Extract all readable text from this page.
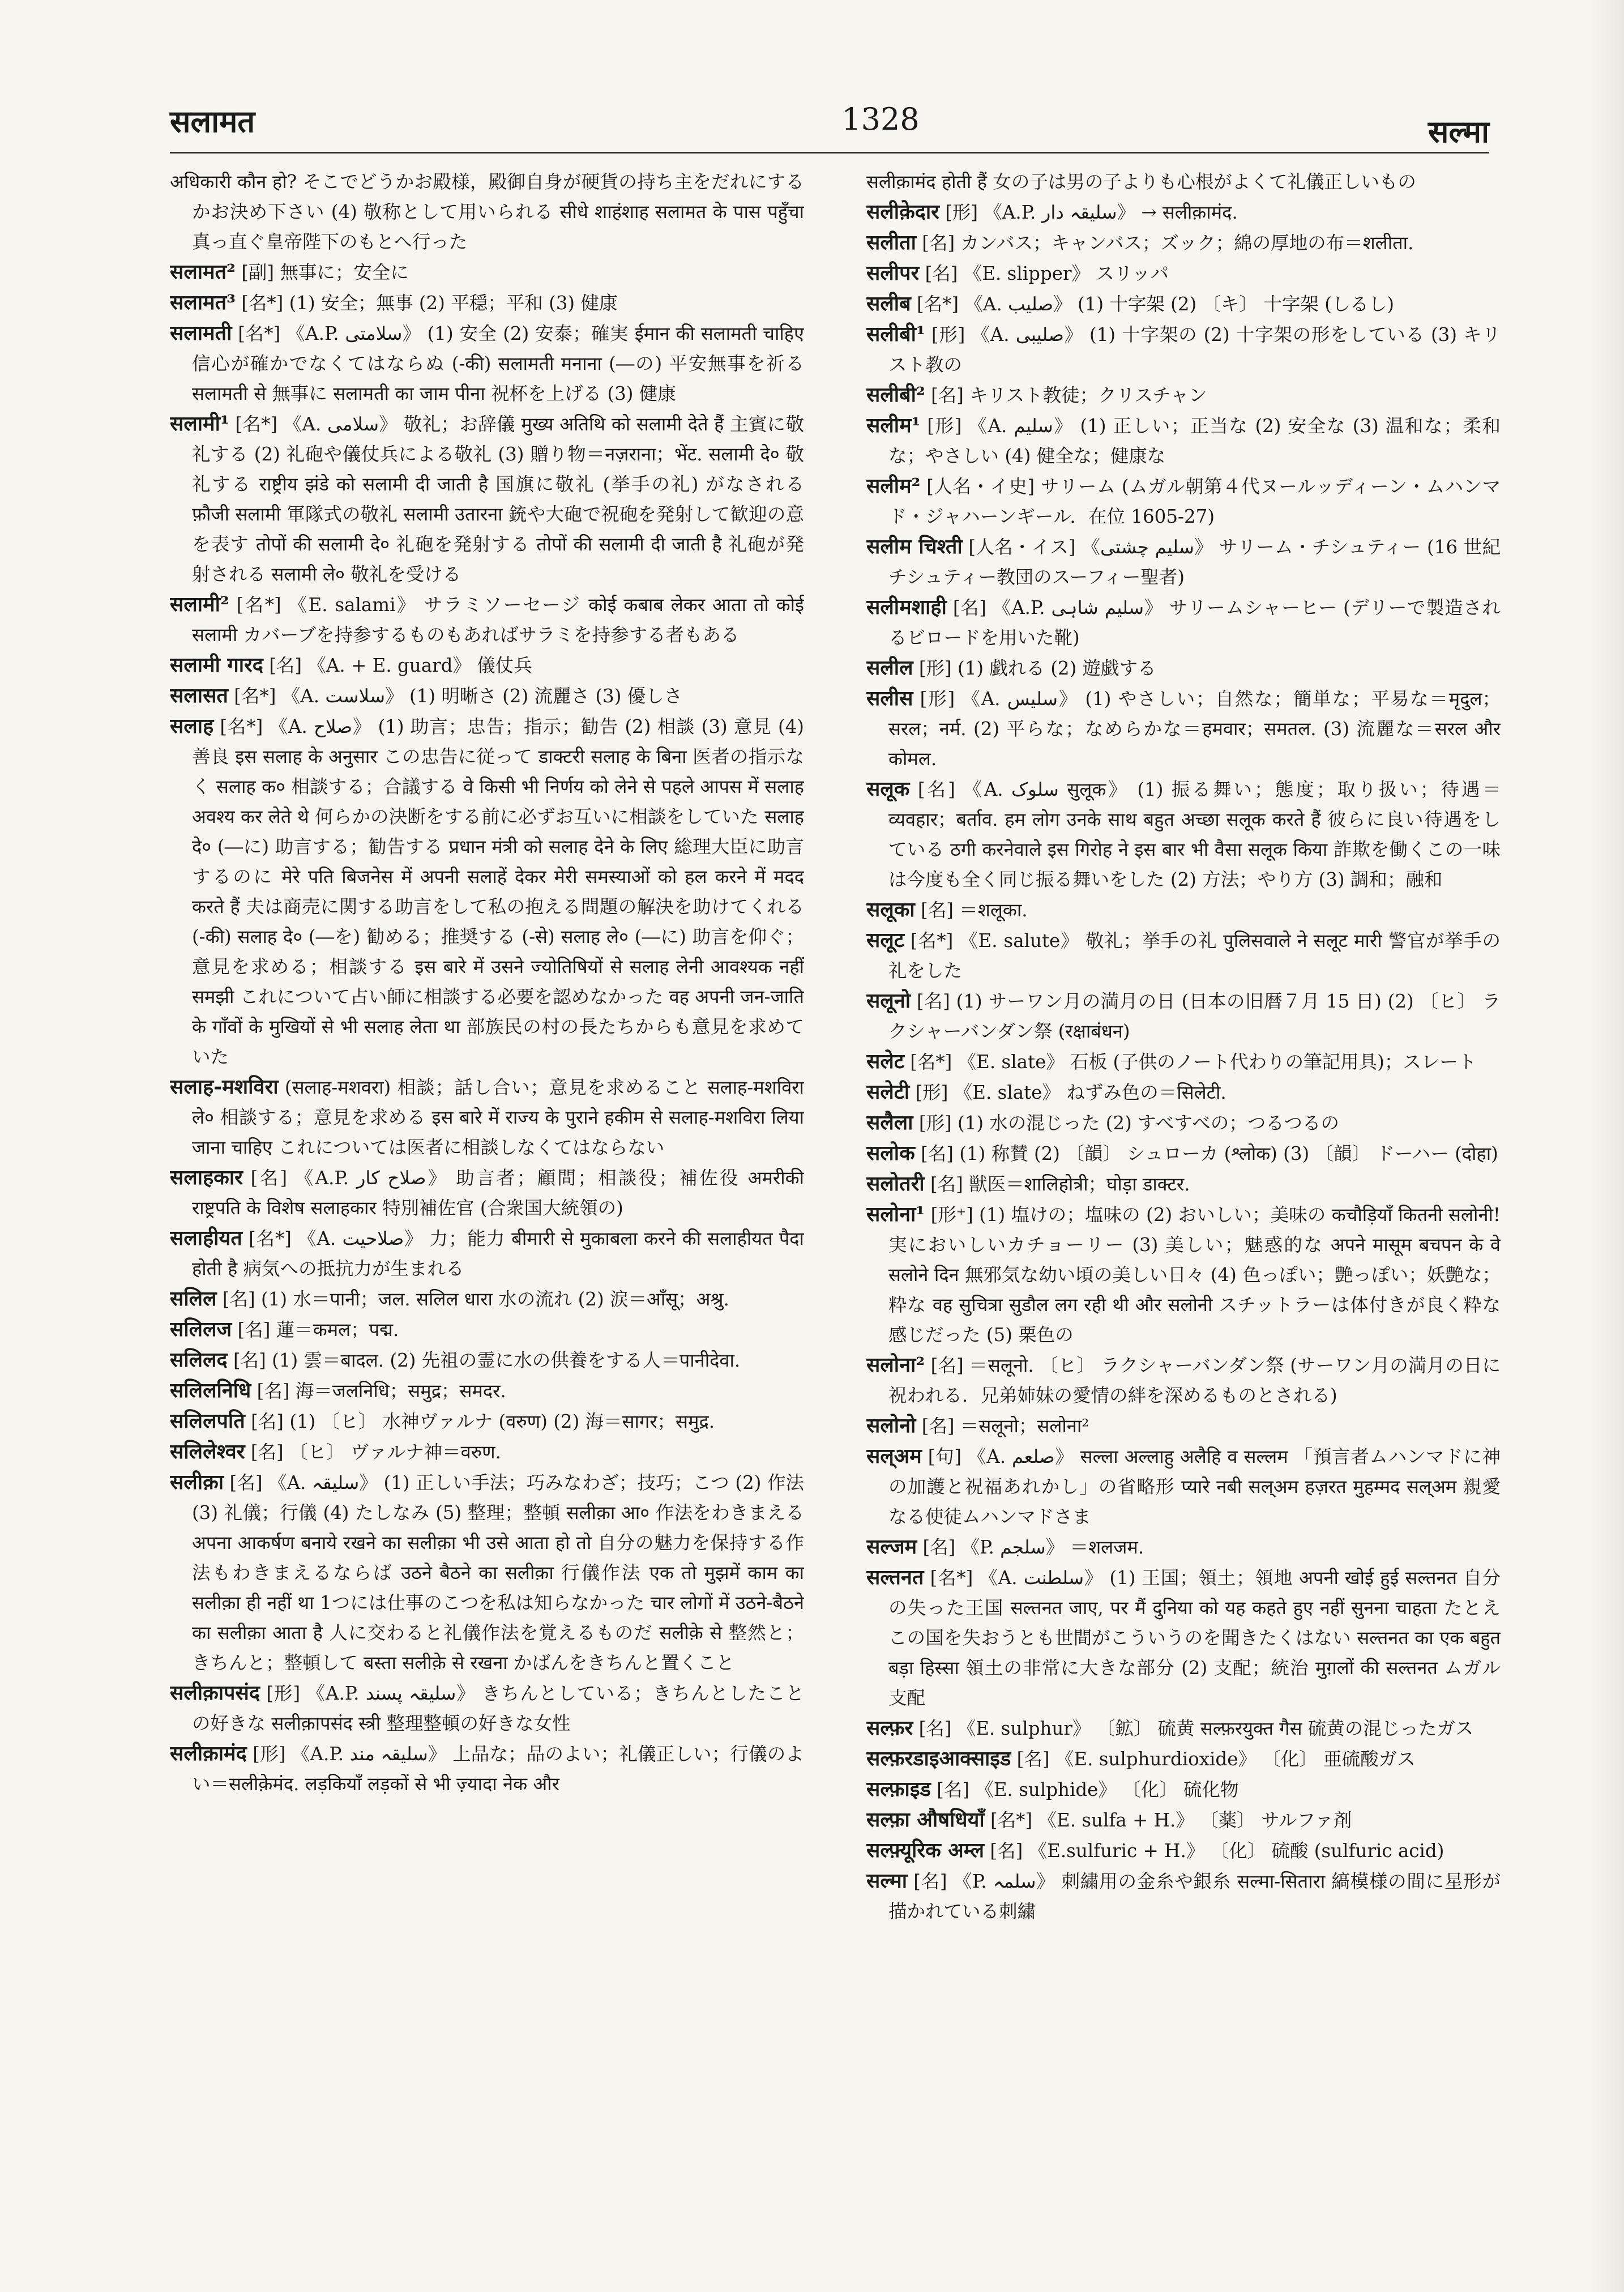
सलामत	1328	सल्मा

अधिकारी कौन हो? そこでどうかお殿様，殿御自身が硬貨の持ち主をだれにするかお決め下さい (4) 敬称として用いられる सीधे शाहंशाह सलामत के पास पहुँचा 真っ直ぐ皇帝陛下のもとへ行った

सलामत² [副] 無事に；安全に

सलामत³ [名*] (1) 安全；無事 (2) 平穏；平和 (3) 健康

सलामती [名*] 《A.P. سلامتی》 (1) 安全 (2) 安泰；確実 ईमान की सलामती चाहिए 信心が確かでなくてはならぬ (-की) सलामती मनाना (―の) 平安無事を祈る सलामती से 無事に सलामती का जाम पीना 祝杯を上げる (3) 健康

सलामी¹ [名*] 《A. سلامی》 敬礼；お辞儀 मुख्य अतिथि को सलामी देते हैं 主賓に敬礼する (2) 礼砲や儀仗兵による敬礼 (3) 贈り物＝नज़राना；भेंट. सलामी दे० 敬礼する राष्ट्रीय झंडे को सलामी दी जाती है 国旗に敬礼 (挙手の礼) がなされる फ़ौजी सलामी 軍隊式の敬礼 सलामी उतारना 銃や大砲で祝砲を発射して歓迎の意を表す तोपों की सलामी दे० 礼砲を発射する तोपों की सलामी दी जाती है 礼砲が発射される सलामी ले० 敬礼を受ける

सलामी² [名*] 《E. salami》 サラミソーセージ कोई कबाब लेकर आता तो कोई सलामी カバーブを持参するものもあればサラミを持参する者もある

सलामी गारद [名] 《A. + E. guard》 儀仗兵

सलासत [名*] 《A. سلاست》 (1) 明晰さ (2) 流麗さ (3) 優しさ

सलाह [名*] 《A. صلاح》 (1) 助言；忠告；指示；勧告 (2) 相談 (3) 意見 (4) 善良 इस सलाह के अनुसार この忠告に従って डाक्टरी सलाह के बिना 医者の指示なく सलाह क० 相談する；合議する वे किसी भी निर्णय को लेने से पहले आपस में सलाह अवश्य कर लेते थे 何らかの決断をする前に必ずお互いに相談をしていた सलाह दे० (―に) 助言する；勧告する प्रधान मंत्री को सलाह देने के लिए 総理大臣に助言するのに मेरे पति बिजनेस में अपनी सलाहें देकर मेरी समस्याओं को हल करने में मदद करते हैं 夫は商売に関する助言をして私の抱える問題の解決を助けてくれる (-की) सलाह दे० (―を) 勧める；推奨する (-से) सलाह ले० (―に) 助言を仰ぐ；意見を求める；相談する इस बारे में उसने ज्योतिषियों से सलाह लेनी आवश्यक नहीं समझी これについて占い師に相談する必要を認めなかった वह अपनी जन-जाति के गाँवों के मुखियों से भी सलाह लेता था 部族民の村の長たちからも意見を求めていた

सलाह-मशविरा (सलाह-मशवरा) 相談；話し合い；意見を求めること सलाह-मशविरा ले० 相談する；意見を求める इस बारे में राज्य के पुराने हकीम से सलाह-मशविरा लिया जाना चाहिए これについては医者に相談しなくてはならない

सलाहकार [名] 《A.P. صلاح کار》 助言者；顧問；相談役；補佐役 अमरीकी राष्ट्रपति के विशेष सलाहकार 特別補佐官 (合衆国大統領の)

सलाहीयत [名*] 《A. صلاحیت》 力；能力 बीमारी से मुकाबला करने की सलाहीयत पैदा होती है 病気への抵抗力が生まれる

सलिल [名] (1) 水＝पानी；जल. सलिल धारा 水の流れ (2) 涙＝आँसू；अश्रु.

सलिलज [名] 蓮＝कमल；पद्म.

सलिलद [名] (1) 雲＝बादल. (2) 先祖の霊に水の供養をする人＝पानीदेवा.

सलिलनिधि [名] 海＝जलनिधि；समुद्र；समदर.

सलिलपति [名] (1) 〔ヒ〕 水神ヴァルナ (वरुण) (2) 海＝सागर；समुद्र.

सलिलेश्वर [名] 〔ヒ〕 ヴァルナ神＝वरुण.

सलीक़ा [名] 《A. سلیقہ》 (1) 正しい手法；巧みなわざ；技巧；こつ (2) 作法 (3) 礼儀；行儀 (4) たしなみ (5) 整理；整頓 सलीक़ा आ० 作法をわきまえる अपना आकर्षण बनाये रखने का सलीक़ा भी उसे आता हो तो 自分の魅力を保持する作法もわきまえるならば उठने बैठने का सलीक़ा 行儀作法 एक तो मुझमें काम का सलीक़ा ही नहीं था 1つには仕事のこつを私は知らなかった चार लोगों में उठने-बैठने का सलीक़ा आता है 人に交わると礼儀作法を覚えるものだ सलीक़े से 整然と；きちんと；整頓して बस्ता सलीक़े से रखना かばんをきちんと置くこと

सलीक़ापसंद [形] 《A.P. سلیقہ پسند》 きちんとしている；きちんとしたことの好きな सलीक़ापसंद स्त्री 整理整頓の好きな女性

सलीक़ामंद [形] 《A.P. سلیقہ مند》 上品な；品のよい；礼儀正しい；行儀のよい＝सलीक़ेमंद. लड़कियाँ लड़कों से भी ज़्यादा नेक और

सलीक़ामंद होती हैं 女の子は男の子よりも心根がよくて礼儀正しいもの

सलीक़ेदार [形] 《A.P. سلیقہ دار》 → सलीक़ामंद.

सलीता [名] カンバス；キャンバス；ズック；綿の厚地の布＝शलीता.

सलीपर [名] 《E. slipper》 スリッパ

सलीब [名*] 《A. صلیب》 (1) 十字架 (2) 〔キ〕 十字架 (しるし)

सलीबी¹ [形] 《A. صلیبی》 (1) 十字架の (2) 十字架の形をしている (3) キリスト教の

सलीबी² [名] キリスト教徒；クリスチャン

सलीम¹ [形] 《A. سلیم》 (1) 正しい；正当な (2) 安全な (3) 温和な；柔和な；やさしい (4) 健全な；健康な

सलीम² [人名・イ史] サリーム (ムガル朝第４代ヌールッディーン・ムハンマド・ジャハーンギール．在位 1605-27)

सलीम चिश्ती [人名・イス] 《سلیم چشتی》 サリーム・チシュティー (16 世紀チシュティー教団のスーフィー聖者)

सलीमशाही [名] 《A.P. سلیم شاہی》 サリームシャーヒー (デリーで製造されるビロードを用いた靴)

सलील [形] (1) 戯れる (2) 遊戯する

सलीस [形] 《A. سلیس》 (1) やさしい；自然な；簡単な；平易な＝मृदुल；सरल；नर्म. (2) 平らな；なめらかな＝हमवार；समतल. (3) 流麗な＝सरल और कोमल.

सलूक [名] 《A. سلوک सुलूक》 (1) 振る舞い；態度；取り扱い；待遇＝व्यवहार；बर्ताव. हम लोग उनके साथ बहुत अच्छा सलूक करते हैं 彼らに良い待遇をしている ठगी करनेवाले इस गिरोह ने इस बार भी वैसा सलूक किया 詐欺を働くこの一味は今度も全く同じ振る舞いをした (2) 方法；やり方 (3) 調和；融和

सलूका [名] ＝शलूका.

सलूट [名*] 《E. salute》 敬礼；挙手の礼 पुलिसवाले ने सलूट मारी 警官が挙手の礼をした

सलूनो [名] (1) サーワン月の満月の日 (日本の旧暦７月 15 日) (2) 〔ヒ〕 ラクシャーバンダン祭 (रक्षाबंधन)

सलेट [名*] 《E. slate》 石板 (子供のノート代わりの筆記用具)；スレート

सलेटी [形] 《E. slate》 ねずみ色の＝सिलेटी.

सलैला [形] (1) 水の混じった (2) すべすべの；つるつるの

सलोक [名] (1) 称賛 (2) 〔韻〕 シュローカ (श्लोक) (3) 〔韻〕 ドーハー (दोहा)

सलोतरी [名] 獣医＝शालिहोत्री；घोड़ा डाक्टर.

सलोना¹ [形⁺] (1) 塩けの；塩味の (2) おいしい；美味の कचौड़ियाँ कितनी सलोनी! 実においしいカチョーリー (3) 美しい；魅惑的な अपने मासूम बचपन के वे सलोने दिन 無邪気な幼い頃の美しい日々 (4) 色っぽい；艶っぽい；妖艶な；粋な वह सुचित्रा सुडौल लग रही थी और सलोनी スチットラーは体付きが良く粋な感じだった (5) 栗色の

सलोना² [名] ＝सलूनो. 〔ヒ〕 ラクシャーバンダン祭 (サーワン月の満月の日に祝われる．兄弟姉妹の愛情の絆を深めるものとされる)

सलोनो [名] ＝सलूनो；सलोना²

सल्अम [句] 《A. صلعم》 सल्ला अल्लाहु अलैहि व सल्लम 「預言者ムハンマドに神の加護と祝福あれかし」の省略形 प्यारे नबी सल्अम हज़रत मुहम्मद सल्अम 親愛なる使徒ムハンマドさま

सल्जम [名] 《P. سلجم》 ＝शलजम.

सल्तनत [名*] 《A. سلطنت》 (1) 王国；領土；領地 अपनी खोई हुई सल्तनत 自分の失った王国 सल्तनत जाए, पर मैं दुनिया को यह कहते हुए नहीं सुनना चाहता たとえこの国を失おうとも世間がこういうのを聞きたくはない सल्तनत का एक बहुत बड़ा हिस्सा 領土の非常に大きな部分 (2) 支配；統治 मुग़लों की सल्तनत ムガル支配

सल्फ़र [名] 《E. sulphur》 〔鉱〕 硫黄 सल्फ़रयुक्त गैस 硫黄の混じったガス

सल्फ़रडाइआक्साइड [名] 《E. sulphurdioxide》 〔化〕 亜硫酸ガス

सल्फ़ाइड [名] 《E. sulphide》 〔化〕 硫化物

सल्फ़ा औषधियाँ [名*] 《E. sulfa + H.》 〔薬〕 サルファ剤

सल्फ़्यूरिक अम्ल [名] 《E.sulfuric + H.》 〔化〕 硫酸 (sulfuric acid)

सल्मा [名] 《P. سلمہ》 刺繍用の金糸や銀糸 सल्मा-सितारा 縞模様の間に星形が描かれている刺繍
